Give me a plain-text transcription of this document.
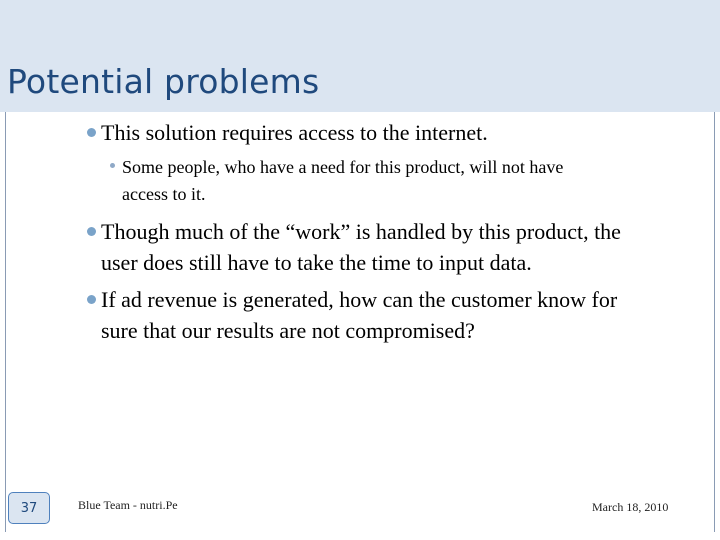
Potential problems
This solution requires access to the internet.
Some people, who have a need for this product, will not have
access to it.
Though much of the “work” is handled by this product, the
user does still have to take the time to input data.
If ad revenue is generated, how can the customer know for
sure that our results are not compromised?
37	Blue Team - nutri.Pe	March 18, 2010
